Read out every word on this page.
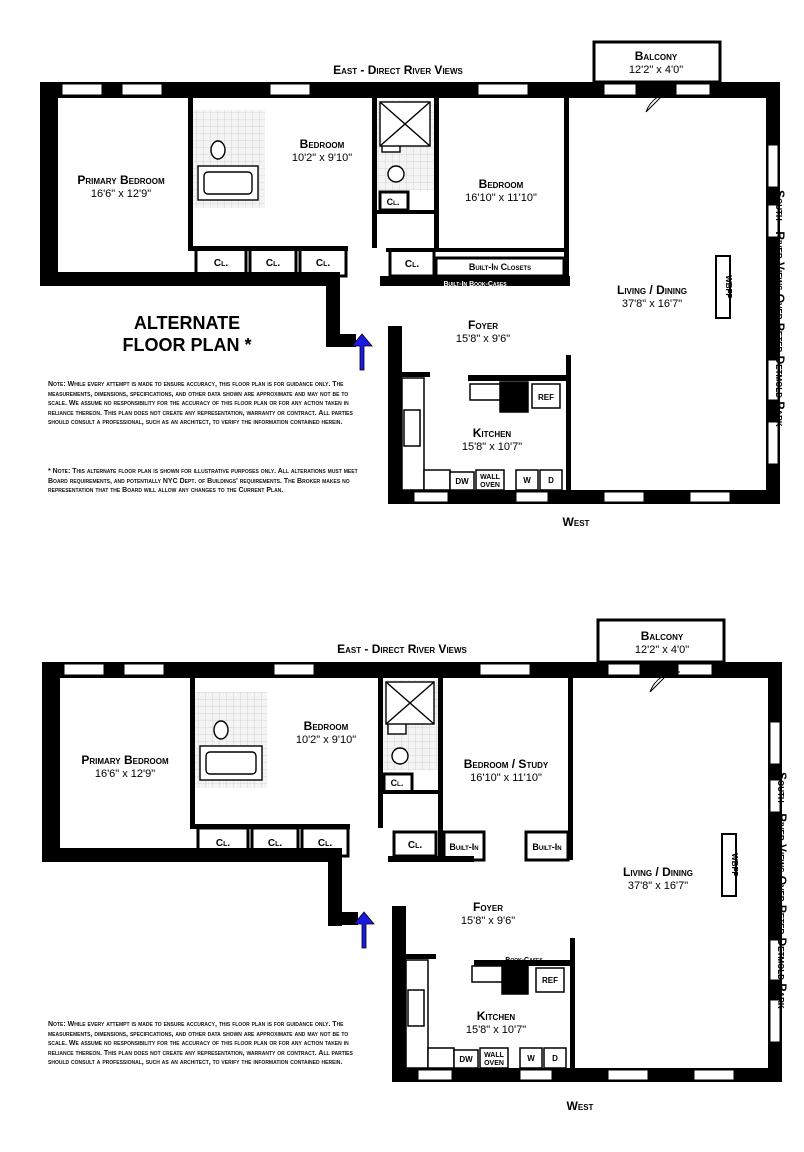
East - Direct River Views
West
South - River Views Over Peter Detmold Park -
Balcony
12'2" x 4'0"
Primary Bedroom
16'6" x 12'9"
Bedroom
10'2" x 9'10"
Bedroom
16'10" x 11'10"
Living / Dining
37'8" x 16'7"
Foyer
15'8" x 9'6"
Kitchen
15'8" x 10'7"
Cl.	Cl.	Cl.	Cl.
Cl.
Built-In Closets
Built-In Book-Cases
Book-Cases
WBFP
REF
DW WALL
OVEN
W D
East - Direct River Views
West
South - River Views Over Peter Detmold Park -
Balcony
12'2" x 4'0"
Primary Bedroom
16'6" x 12'9"
Bedroom
10'2" x 9'10"
Bedroom / Study
16'10" x 11'10"
Living / Dining
37'8" x 16'7"
Foyer
15'8" x 9'6"
Kitchen
15'8" x 10'7"
Cl.	Cl.	Cl.	Cl.
Cl.
Built-In	Built-In
Book-Cases
Book-Cases
WBFP
REF
DW WALL
OVEN
W D
ALTERNATE
FLOOR PLAN *
Note: While every attempt is made to ensure accuracy, this floor plan is for guidance only. The measurements, dimensions, specifications, and other data shown are approximate and may not be to scale. We assume no responsibility for the accuracy of this floor plan or for any action taken in reliance thereon. This plan does not create any representation, warranty or contract. All parties should consult a professional, such as an architect, to verify the information contained herein.
* Note: This alternate floor plan is shown for illustrative purposes only. All alterations must meet Board requirements, and potentially NYC Dept. of Buildings' requirements. The Broker makes no representation that the Board will allow any changes to the Current Plan.
Note: While every attempt is made to ensure accuracy, this floor plan is for guidance only. The measurements, dimensions, specifications, and other data shown are approximate and may not be to scale. We assume no responsibility for the accuracy of this floor plan or for any action taken in reliance thereon. This plan does not create any representation, warranty or contract. All parties should consult a professional, such as an architect, to verify the information contained herein.
